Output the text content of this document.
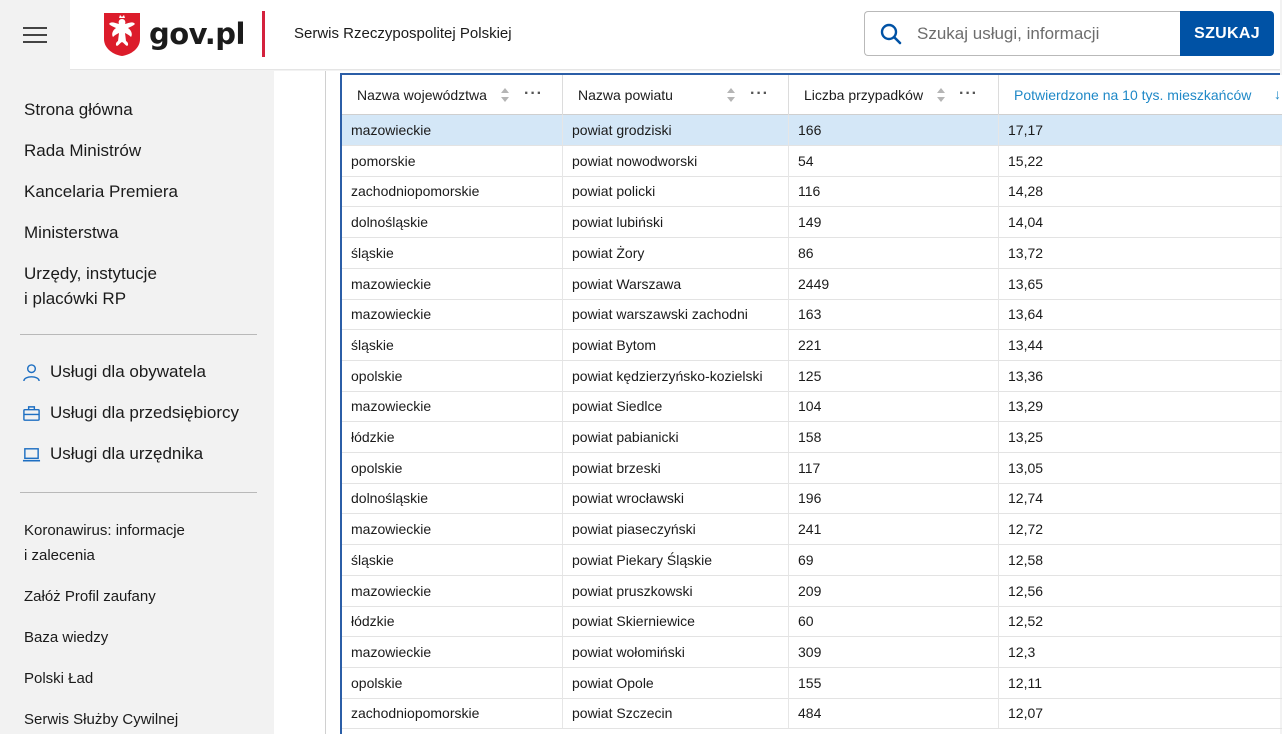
gov.pl	Serwis Rzeczypospolitej Polskiej
Szukaj usługi, informacji	SZUKAJ
Strona główna
Rada Ministrów
Kancelaria Premiera
Ministerstwa
Urzędy, instytucje
i placówki RP
Usługi dla obywatela
Usługi dla przedsiębiorcy
Usługi dla urzędnika
Koronawirus: informacje
i zalecenia
Załóż Profil zaufany
Baza wiedzy
Polski Ład
Serwis Służby Cywilnej
Nazwa województwa ···	Nazwa powiatu	···	Liczba przypadków ···	Potwierdzone na 10 tys. mieszkańców ↓
mazowieckie	powiat grodziski	166	17,17
pomorskie	powiat nowodworski	54	15,22
zachodniopomorskie	powiat policki	116	14,28
dolnośląskie	powiat lubiński	149	14,04
śląskie	powiat Żory	86	13,72
mazowieckie	powiat Warszawa	2449	13,65
mazowieckie	powiat warszawski zachodni	163	13,64
śląskie	powiat Bytom	221	13,44
opolskie	powiat kędzierzyńsko-kozielski	125	13,36
mazowieckie	powiat Siedlce	104	13,29
łódzkie	powiat pabianicki	158	13,25
opolskie	powiat brzeski	117	13,05
dolnośląskie	powiat wrocławski	196	12,74
mazowieckie	powiat piaseczyński	241	12,72
śląskie	powiat Piekary Śląskie	69	12,58
mazowieckie	powiat pruszkowski	209	12,56
łódzkie	powiat Skierniewice	60	12,52
mazowieckie	powiat wołomiński	309	12,3
opolskie	powiat Opole	155	12,11
zachodniopomorskie	powiat Szczecin	484	12,07
